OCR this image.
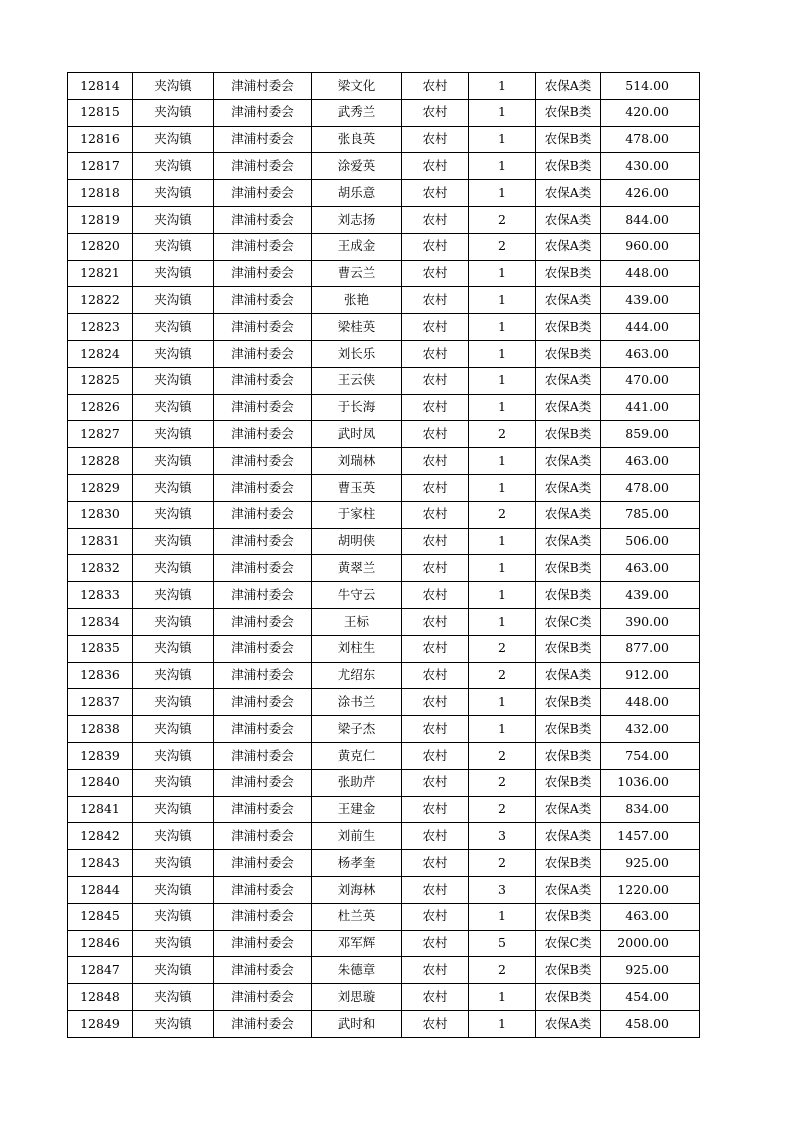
12814	夹沟镇	津浦村委会	梁文化	农村	1	农保A类	514.00
12815	夹沟镇	津浦村委会	武秀兰	农村	1	农保B类	420.00
12816	夹沟镇	津浦村委会	张良英	农村	1	农保B类	478.00
12817	夹沟镇	津浦村委会	涂爱英	农村	1	农保B类	430.00
12818	夹沟镇	津浦村委会	胡乐意	农村	1	农保A类	426.00
12819	夹沟镇	津浦村委会	刘志扬	农村	2	农保A类	844.00
12820	夹沟镇	津浦村委会	王成金	农村	2	农保A类	960.00
12821	夹沟镇	津浦村委会	曹云兰	农村	1	农保B类	448.00
12822	夹沟镇	津浦村委会	张艳	农村	1	农保A类	439.00
12823	夹沟镇	津浦村委会	梁桂英	农村	1	农保B类	444.00
12824	夹沟镇	津浦村委会	刘长乐	农村	1	农保B类	463.00
12825	夹沟镇	津浦村委会	王云侠	农村	1	农保A类	470.00
12826	夹沟镇	津浦村委会	于长海	农村	1	农保A类	441.00
12827	夹沟镇	津浦村委会	武时凤	农村	2	农保B类	859.00
12828	夹沟镇	津浦村委会	刘瑞林	农村	1	农保A类	463.00
12829	夹沟镇	津浦村委会	曹玉英	农村	1	农保A类	478.00
12830	夹沟镇	津浦村委会	于家柱	农村	2	农保A类	785.00
12831	夹沟镇	津浦村委会	胡明侠	农村	1	农保A类	506.00
12832	夹沟镇	津浦村委会	黄翠兰	农村	1	农保B类	463.00
12833	夹沟镇	津浦村委会	牛守云	农村	1	农保B类	439.00
12834	夹沟镇	津浦村委会	王标	农村	1	农保C类	390.00
12835	夹沟镇	津浦村委会	刘柱生	农村	2	农保B类	877.00
12836	夹沟镇	津浦村委会	尤绍东	农村	2	农保A类	912.00
12837	夹沟镇	津浦村委会	涂书兰	农村	1	农保B类	448.00
12838	夹沟镇	津浦村委会	梁子杰	农村	1	农保B类	432.00
12839	夹沟镇	津浦村委会	黄克仁	农村	2	农保B类	754.00
12840	夹沟镇	津浦村委会	张助芹	农村	2	农保B类	1036.00
12841	夹沟镇	津浦村委会	王建金	农村	2	农保A类	834.00
12842	夹沟镇	津浦村委会	刘前生	农村	3	农保A类	1457.00
12843	夹沟镇	津浦村委会	杨孝奎	农村	2	农保B类	925.00
12844	夹沟镇	津浦村委会	刘海林	农村	3	农保A类	1220.00
12845	夹沟镇	津浦村委会	杜兰英	农村	1	农保B类	463.00
12846	夹沟镇	津浦村委会	邓军辉	农村	5	农保C类	2000.00
12847	夹沟镇	津浦村委会	朱德章	农村	2	农保B类	925.00
12848	夹沟镇	津浦村委会	刘思璇	农村	1	农保B类	454.00
12849	夹沟镇	津浦村委会	武时和	农村	1	农保A类	458.00
